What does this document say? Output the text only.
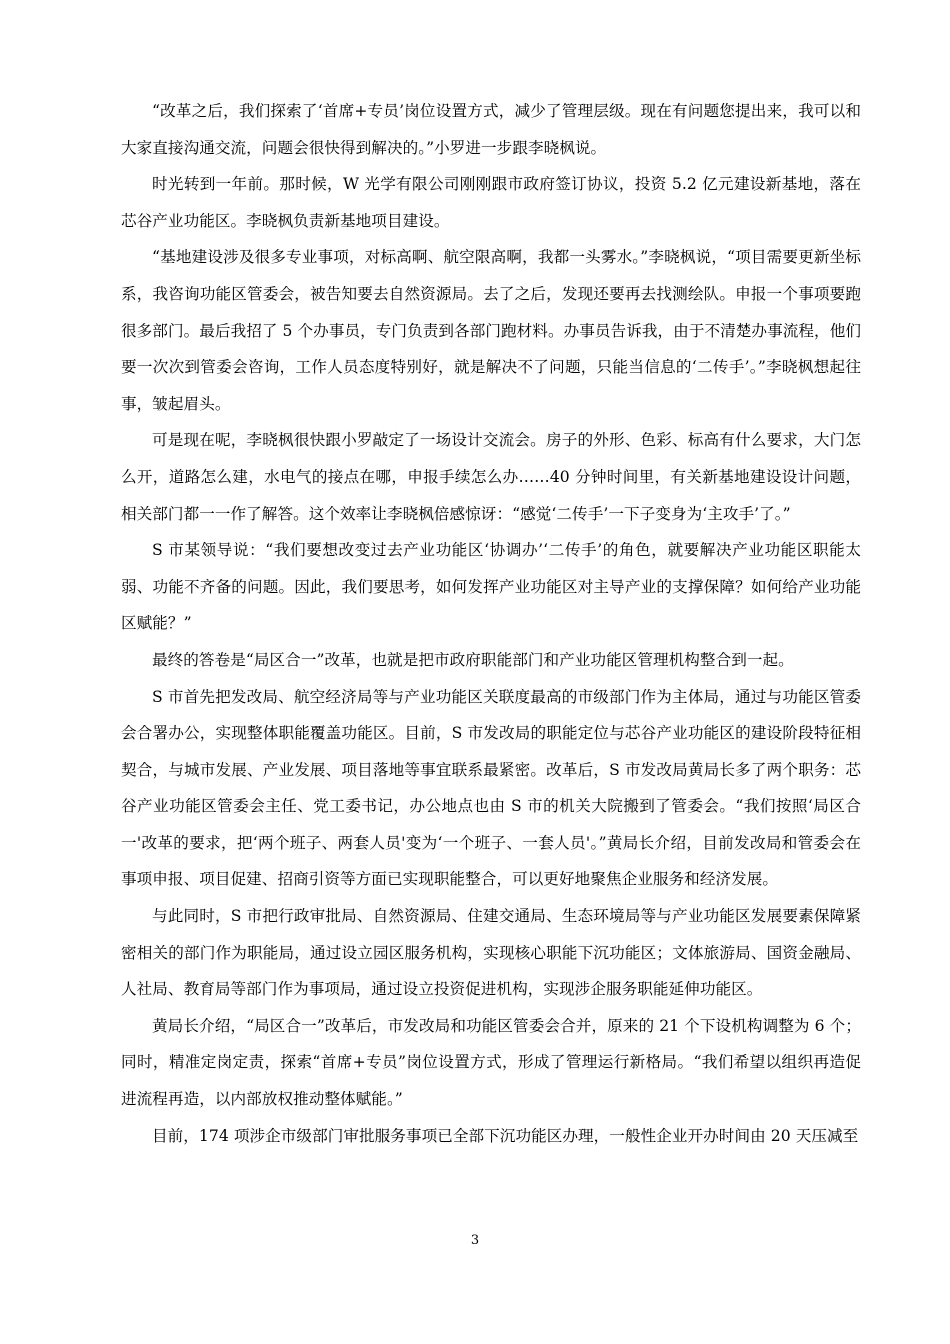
“改革之后，我们探索了‘首席+专员’岗位设置方式，减少了管理层级。现在有问题您提出来，我可以和大家直接沟通交流，问题会很快得到解决的。”小罗进一步跟李晓枫说。

时光转到一年前。那时候，W 光学有限公司刚刚跟市政府签订协议，投资 5.2 亿元建设新基地，落在芯谷产业功能区。李晓枫负责新基地项目建设。

“基地建设涉及很多专业事项，对标高啊、航空限高啊，我都一头雾水。”李晓枫说，“项目需要更新坐标系，我咨询功能区管委会，被告知要去自然资源局。去了之后，发现还要再去找测绘队。申报一个事项要跑很多部门。最后我招了 5 个办事员，专门负责到各部门跑材料。办事员告诉我，由于不清楚办事流程，他们要一次次到管委会咨询，工作人员态度特别好，就是解决不了问题，只能当信息的‘二传手’。”李晓枫想起往事，皱起眉头。

可是现在呢，李晓枫很快跟小罗敲定了一场设计交流会。房子的外形、色彩、标高有什么要求，大门怎么开，道路怎么建，水电气的接点在哪，申报手续怎么办……40 分钟时间里，有关新基地建设设计问题，相关部门都一一作了解答。这个效率让李晓枫倍感惊讶：“感觉‘二传手’一下子变身为‘主攻手’了。”

S 市某领导说：“我们要想改变过去产业功能区‘协调办’‘二传手’的角色，就要解决产业功能区职能太弱、功能不齐备的问题。因此，我们要思考，如何发挥产业功能区对主导产业的支撑保障？如何给产业功能区赋能？”

最终的答卷是“局区合一”改革，也就是把市政府职能部门和产业功能区管理机构整合到一起。

S 市首先把发改局、航空经济局等与产业功能区关联度最高的市级部门作为主体局，通过与功能区管委会合署办公，实现整体职能覆盖功能区。目前，S 市发改局的职能定位与芯谷产业功能区的建设阶段特征相契合，与城市发展、产业发展、项目落地等事宜联系最紧密。改革后，S 市发改局黄局长多了两个职务：芯谷产业功能区管委会主任、党工委书记，办公地点也由 S 市的机关大院搬到了管委会。“我们按照‘局区合一'改革的要求，把‘两个班子、两套人员'变为‘一个班子、一套人员'。”黄局长介绍，目前发改局和管委会在事项申报、项目促建、招商引资等方面已实现职能整合，可以更好地聚焦企业服务和经济发展。

与此同时，S 市把行政审批局、自然资源局、住建交通局、生态环境局等与产业功能区发展要素保障紧密相关的部门作为职能局，通过设立园区服务机构，实现核心职能下沉功能区；文体旅游局、国资金融局、人社局、教育局等部门作为事项局，通过设立投资促进机构，实现涉企服务职能延伸功能区。

黄局长介绍，“局区合一”改革后，市发改局和功能区管委会合并，原来的 21 个下设机构调整为 6 个；同时，精准定岗定责，探索“首席+专员”岗位设置方式，形成了管理运行新格局。“我们希望以组织再造促进流程再造，以内部放权推动整体赋能。”

目前，174 项涉企市级部门审批服务事项已全部下沉功能区办理，一般性企业开办时间由 20 天压减至

3
